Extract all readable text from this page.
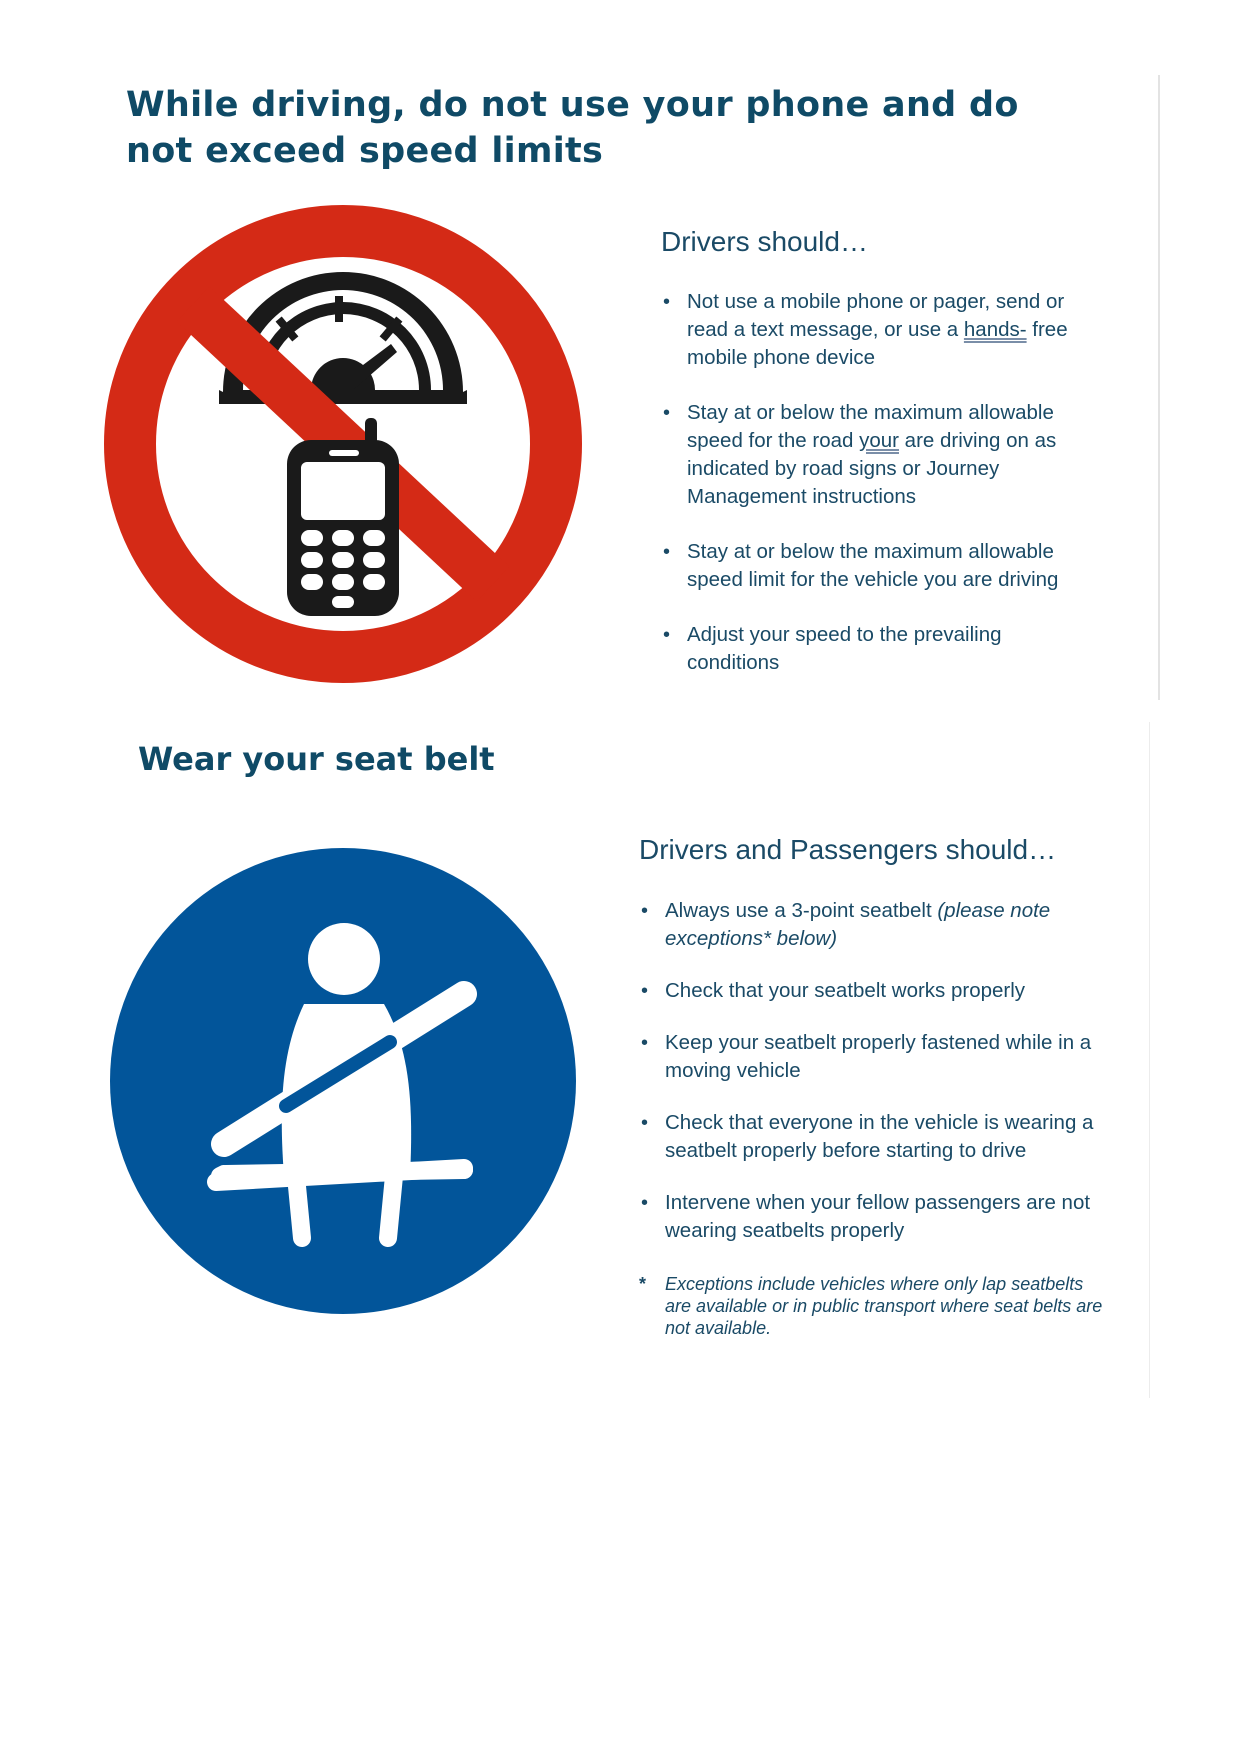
While driving, do not use your phone and do not exceed speed limits
Drivers should…
• Not use a mobile phone or pager, send or read a text message, or use a hands- free mobile phone device
• Stay at or below the maximum allowable speed for the road your are driving on as indicated by road signs or Journey Management instructions
• Stay at or below the maximum allowable speed limit for the vehicle you are driving
• Adjust your speed to the prevailing conditions
Wear your seat belt
Drivers and Passengers should…
• Always use a 3-point seatbelt (please note exceptions* below)
• Check that your seatbelt works properly
• Keep your seatbelt properly fastened while in a moving vehicle
• Check that everyone in the vehicle is wearing a seatbelt properly before starting to drive
• Intervene when your fellow passengers are not wearing seatbelts properly
*	Exceptions include vehicles where only lap seatbelts are available or in public transport where seat belts are not available.
